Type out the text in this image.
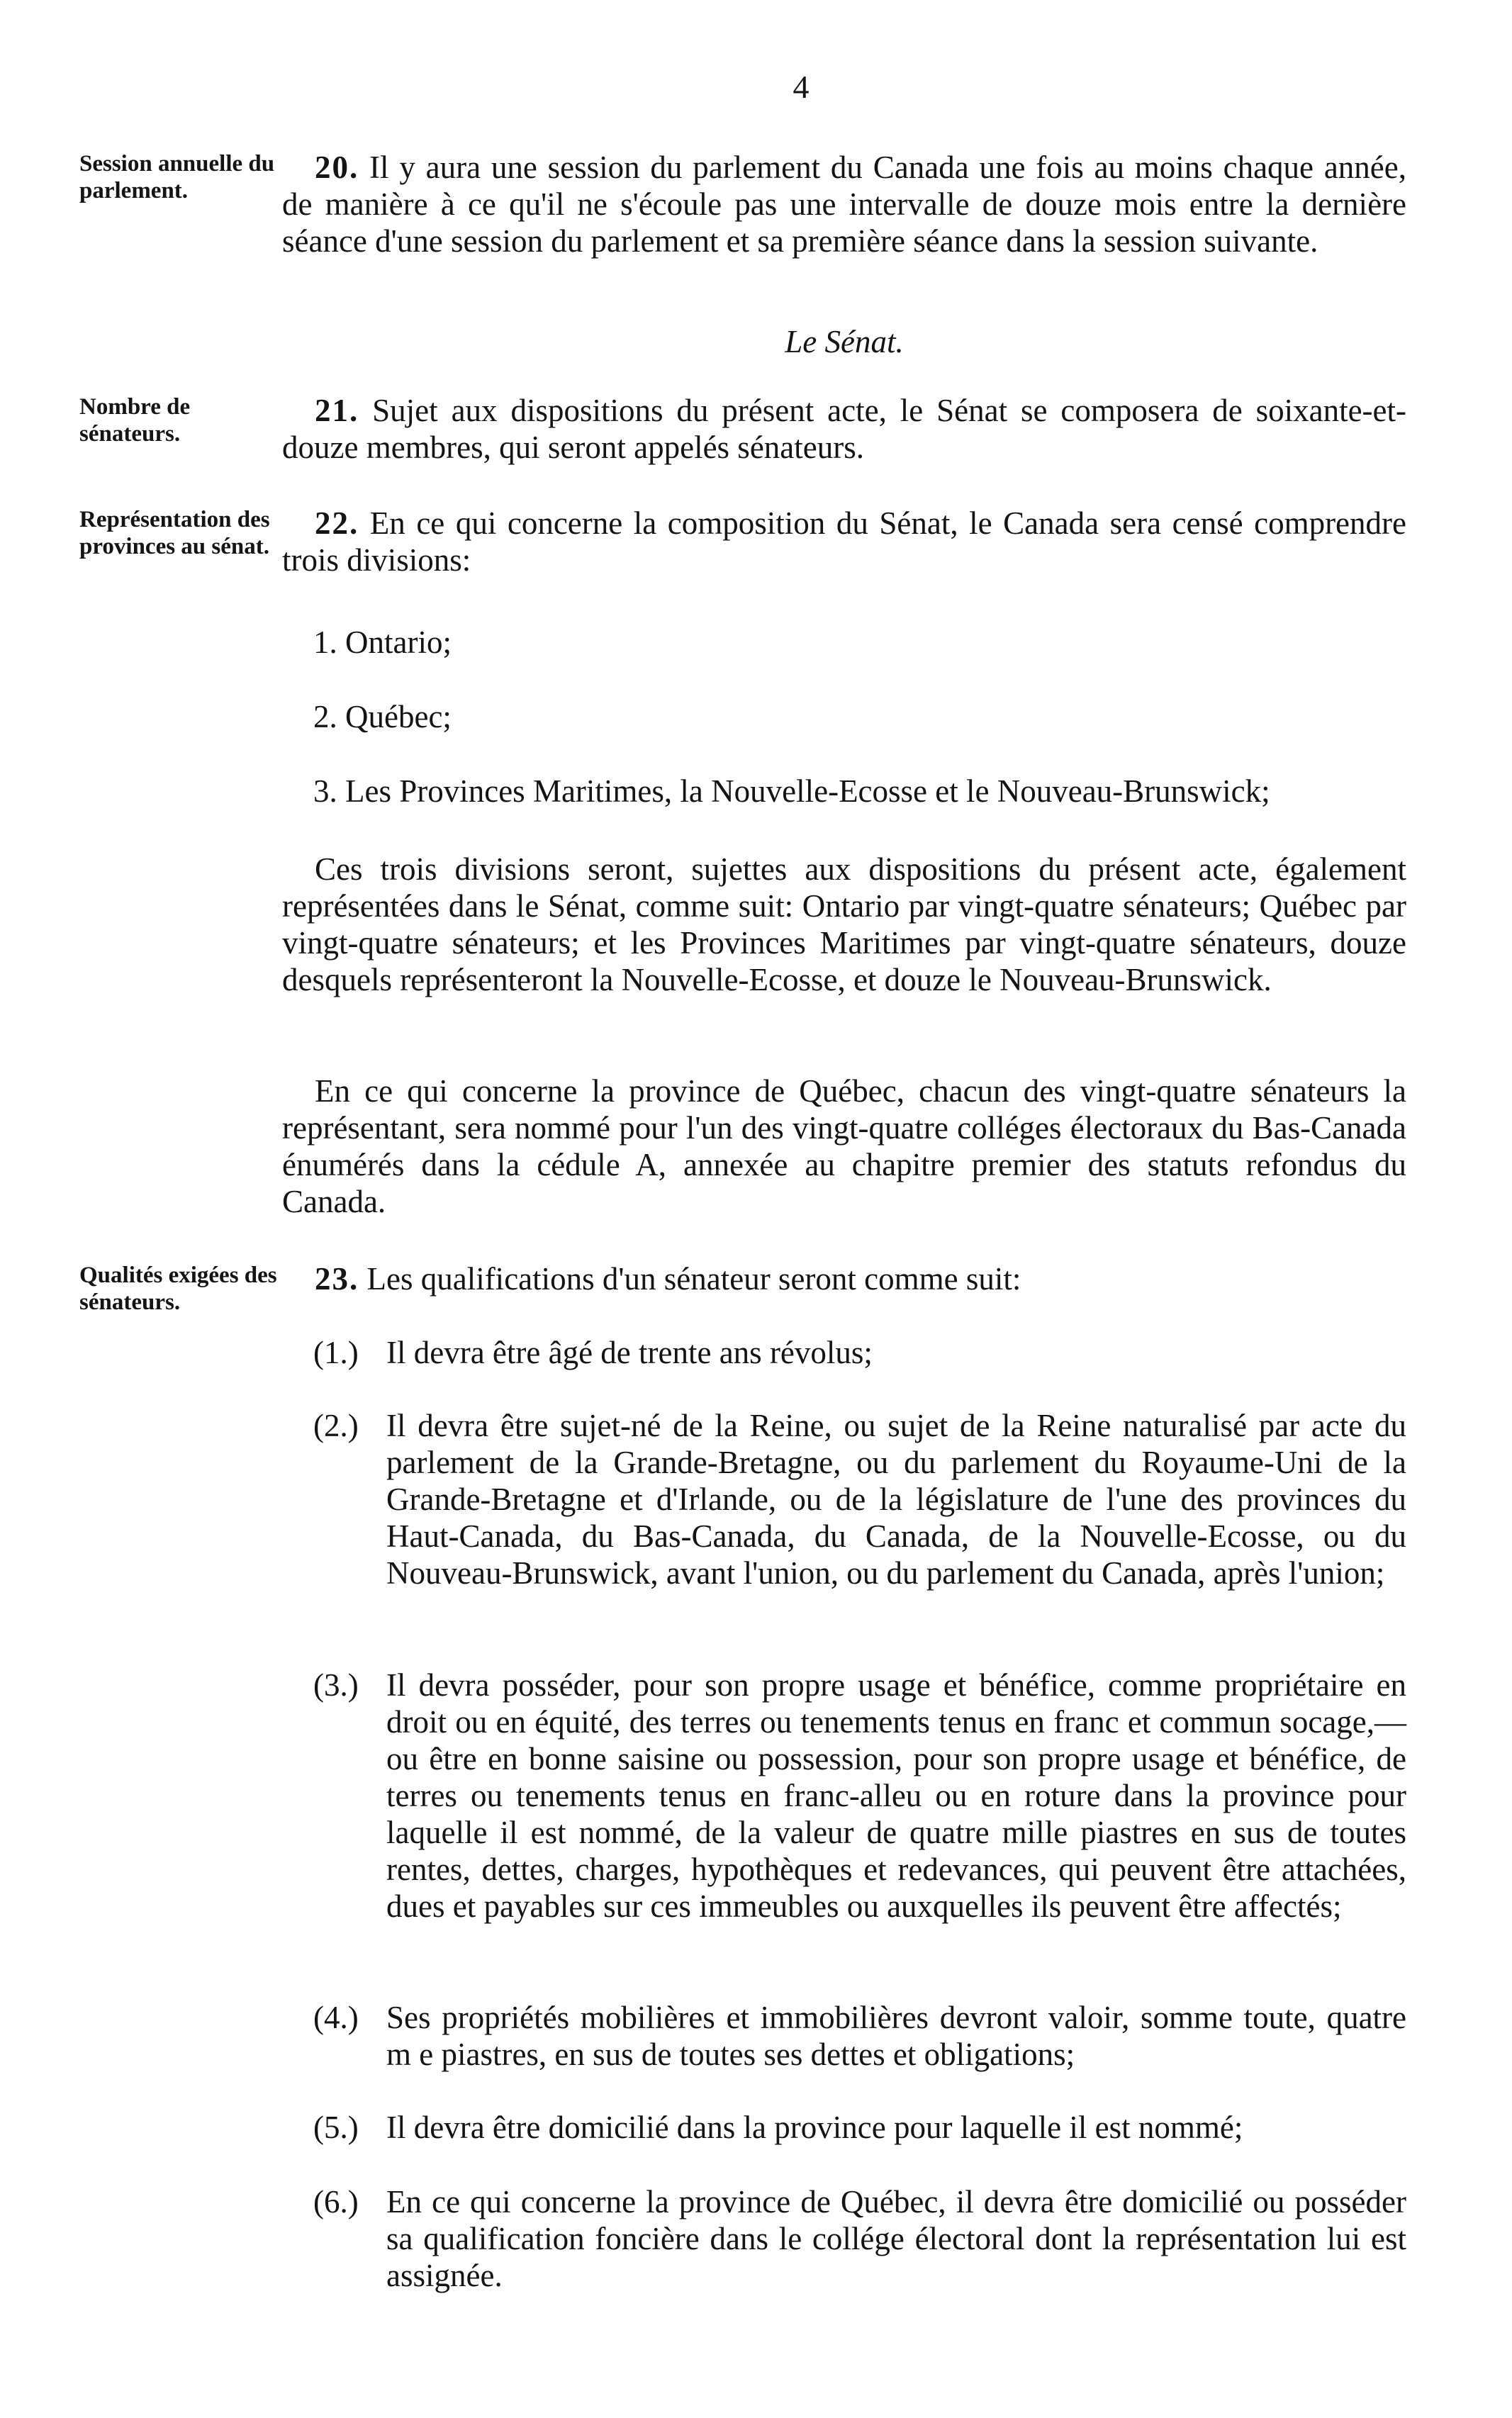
4
Session annuelle du parlement.
20. Il y aura une session du parlement du Canada une fois au moins chaque année, de manière à ce qu'il ne s'écoule pas une intervalle de douze mois entre la dernière séance d'une session du parlement et sa première séance dans la session suivante.
Le Sénat.
Nombre de sénateurs.
21. Sujet aux dispositions du présent acte, le Sénat se composera de soixante-et-douze membres, qui seront appelés sénateurs.
Représentation des provinces au sénat.
22. En ce qui concerne la composition du Sénat, le Canada sera censé comprendre trois divisions:
1. Ontario;
2. Québec;
3. Les Provinces Maritimes, la Nouvelle-Ecosse et le Nouveau-Brunswick;
Ces trois divisions seront, sujettes aux dispositions du présent acte, également représentées dans le Sénat, comme suit: Ontario par vingt-quatre sénateurs; Québec par vingt-quatre sénateurs; et les Provinces Maritimes par vingt-quatre sénateurs, douze desquels représenteront la Nouvelle-Ecosse, et douze le Nouveau-Brunswick.
En ce qui concerne la province de Québec, chacun des vingt-quatre sénateurs la représentant, sera nommé pour l'un des vingt-quatre colléges électoraux du Bas-Canada énumérés dans la cédule A, annexée au chapitre premier des statuts refondus du Canada.
Qualités exigées des sénateurs.
23. Les qualifications d'un sénateur seront comme suit:
(1.) Il devra être âgé de trente ans révolus;
(2.) Il devra être sujet-né de la Reine, ou sujet de la Reine naturalisé par acte du parlement de la Grande-Bretagne, ou du parlement du Royaume-Uni de la Grande-Bretagne et d'Irlande, ou de la législature de l'une des provinces du Haut-Canada, du Bas-Canada, du Canada, de la Nouvelle-Ecosse, ou du Nouveau-Brunswick, avant l'union, ou du parlement du Canada, après l'union;
(3.) Il devra posséder, pour son propre usage et bénéfice, comme propriétaire en droit ou en équité, des terres ou tenements tenus en franc et commun socage,—ou être en bonne saisine ou possession, pour son propre usage et bénéfice, de terres ou tenements tenus en franc-alleu ou en roture dans la province pour laquelle il est nommé, de la valeur de quatre mille piastres en sus de toutes rentes, dettes, charges, hypothèques et redevances, qui peuvent être attachées, dues et payables sur ces immeubles ou auxquelles ils peuvent être affectés;
(4.) Ses propriétés mobilières et immobilières devront valoir, somme toute, quatre m e piastres, en sus de toutes ses dettes et obligations;
(5.) Il devra être domicilié dans la province pour laquelle il est nommé;
(6.) En ce qui concerne la province de Québec, il devra être domicilié ou posséder sa qualification foncière dans le collége électoral dont la représentation lui est assignée.
